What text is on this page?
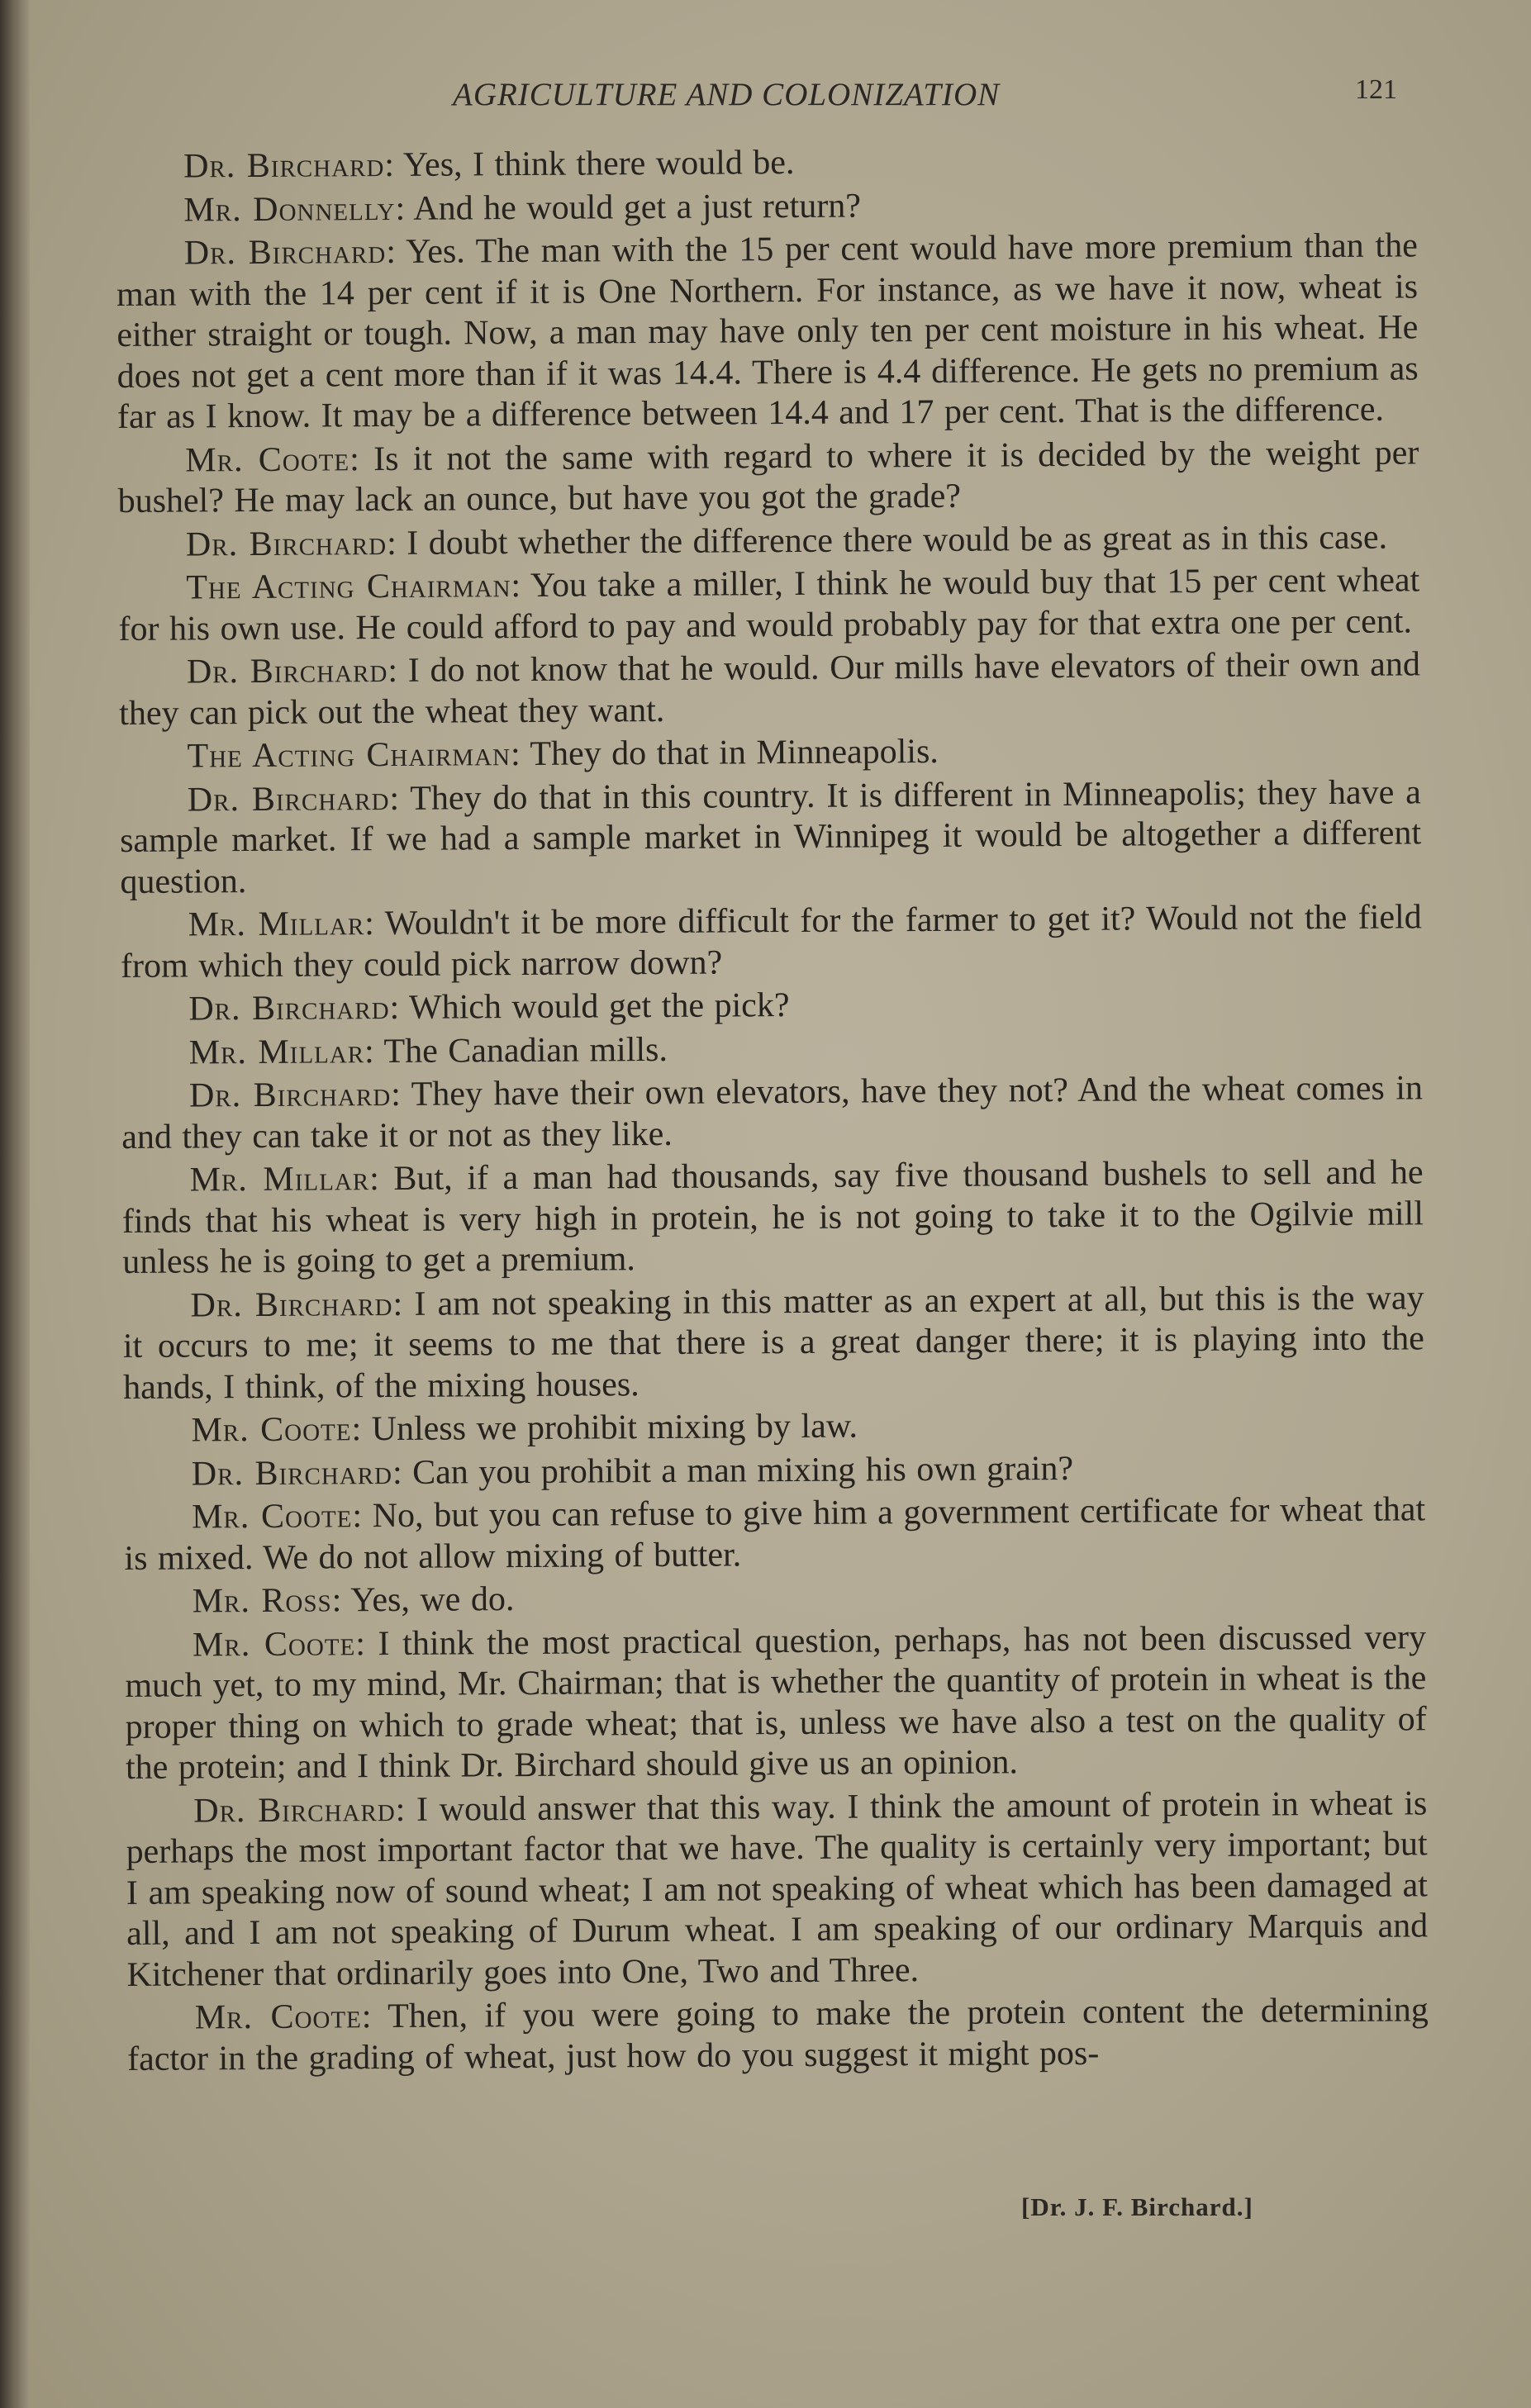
AGRICULTURE AND COLONIZATION	121

Dr. Birchard: Yes, I think there would be.

Mr. Donnelly: And he would get a just return?

Dr. Birchard: Yes. The man with the 15 per cent would have more premium than the man with the 14 per cent if it is One Northern. For instance, as we have it now, wheat is either straight or tough. Now, a man may have only ten per cent moisture in his wheat. He does not get a cent more than if it was 14.4. There is 4.4 difference. He gets no premium as far as I know. It may be a difference between 14.4 and 17 per cent. That is the difference.

Mr. Coote: Is it not the same with regard to where it is decided by the weight per bushel? He may lack an ounce, but have you got the grade?

Dr. Birchard: I doubt whether the difference there would be as great as in this case.

The Acting Chairman: You take a miller, I think he would buy that 15 per cent wheat for his own use. He could afford to pay and would probably pay for that extra one per cent.

Dr. Birchard: I do not know that he would. Our mills have elevators of their own and they can pick out the wheat they want.

The Acting Chairman: They do that in Minneapolis.

Dr. Birchard: They do that in this country. It is different in Minneapolis; they have a sample market. If we had a sample market in Winnipeg it would be altogether a different question.

Mr. Millar: Wouldn't it be more difficult for the farmer to get it? Would not the field from which they could pick narrow down?

Dr. Birchard: Which would get the pick?

Mr. Millar: The Canadian mills.

Dr. Birchard: They have their own elevators, have they not? And the wheat comes in and they can take it or not as they like.

Mr. Millar: But, if a man had thousands, say five thousand bushels to sell and he finds that his wheat is very high in protein, he is not going to take it to the Ogilvie mill unless he is going to get a premium.

Dr. Birchard: I am not speaking in this matter as an expert at all, but this is the way it occurs to me; it seems to me that there is a great danger there; it is playing into the hands, I think, of the mixing houses.

Mr. Coote: Unless we prohibit mixing by law.

Dr. Birchard: Can you prohibit a man mixing his own grain?

Mr. Coote: No, but you can refuse to give him a government certificate for wheat that is mixed. We do not allow mixing of butter.

Mr. Ross: Yes, we do.

Mr. Coote: I think the most practical question, perhaps, has not been discussed very much yet, to my mind, Mr. Chairman; that is whether the quantity of protein in wheat is the proper thing on which to grade wheat; that is, unless we have also a test on the quality of the protein; and I think Dr. Birchard should give us an opinion.

Dr. Birchard: I would answer that this way. I think the amount of protein in wheat is perhaps the most important factor that we have. The quality is certainly very important; but I am speaking now of sound wheat; I am not speaking of wheat which has been damaged at all, and I am not speaking of Durum wheat. I am speaking of our ordinary Marquis and Kitchener that ordinarily goes into One, Two and Three.

Mr. Coote: Then, if you were going to make the protein content the determining factor in the grading of wheat, just how do you suggest it might pos-

[Dr. J. F. Birchard.]
